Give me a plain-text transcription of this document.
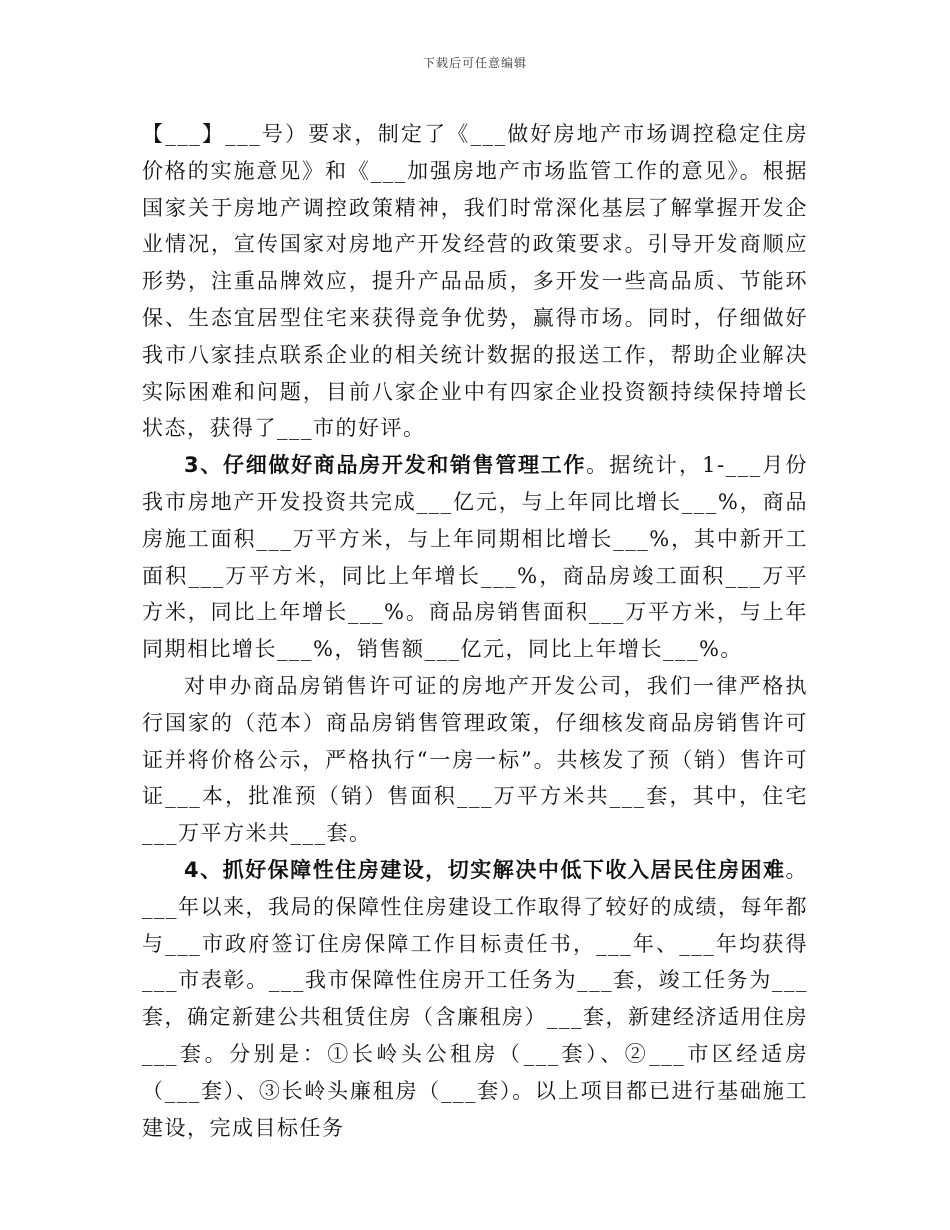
下载后可任意编辑

【___】___号）要求，制定了《___做好房地产市场调控稳定住房价格的实施意见》和《___加强房地产市场监管工作的意见》。根据国家关于房地产调控政策精神，我们时常深化基层了解掌握开发企业情况，宣传国家对房地产开发经营的政策要求。引导开发商顺应形势，注重品牌效应，提升产品品质，多开发一些高品质、节能环保、生态宜居型住宅来获得竞争优势，赢得市场。同时，仔细做好我市八家挂点联系企业的相关统计数据的报送工作，帮助企业解决实际困难和问题，目前八家企业中有四家企业投资额持续保持增长状态，获得了___市的好评。

3、仔细做好商品房开发和销售管理工作。据统计，1-___月份我市房地产开发投资共完成___亿元，与上年同比增长___%，商品房施工面积___万平方米，与上年同期相比增长___%，其中新开工面积___万平方米，同比上年增长___%，商品房竣工面积___万平方米，同比上年增长___%。商品房销售面积___万平方米，与上年同期相比增长___%，销售额___亿元，同比上年增长___%。

对申办商品房销售许可证的房地产开发公司，我们一律严格执行国家的（范本）商品房销售管理政策，仔细核发商品房销售许可证并将价格公示，严格执行“一房一标”。共核发了预（销）售许可证___本，批准预（销）售面积___万平方米共___套，其中，住宅___万平方米共___套。

4、抓好保障性住房建设，切实解决中低下收入居民住房困难。___年以来，我局的保障性住房建设工作取得了较好的成绩，每年都与___市政府签订住房保障工作目标责任书，___年、___年均获得___市表彰。___我市保障性住房开工任务为___套，竣工任务为___套，确定新建公共租赁住房（含廉租房）___套，新建经济适用住房___套。分别是：①长岭头公租房（___套）、②___市区经适房（___套）、③长岭头廉租房（___套）。以上项目都已进行基础施工建设，完成目标任务
